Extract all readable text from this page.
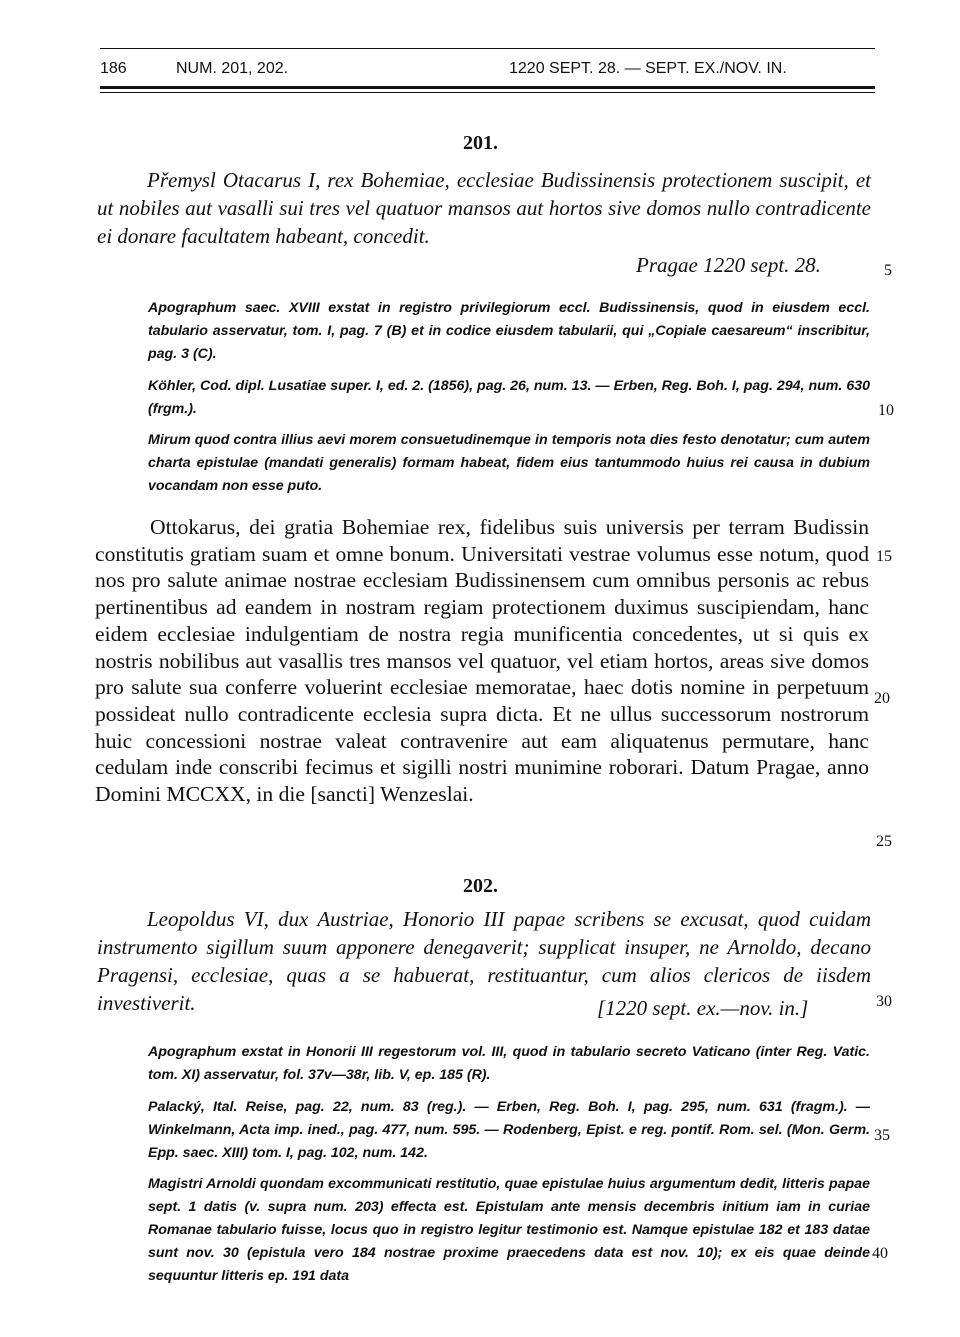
186	NUM. 201, 202.	1220 SEPT. 28. — SEPT. EX./NOV. IN.
201.

Přemysl Otacarus I, rex Bohemiae, ecclesiae Budissinensis protectionem suscipit, et ut nobiles aut vasalli sui tres vel quatuor mansos aut hortos sive domos nullo contradicente ei donare facultatem habeant, concedit.

Pragae 1220 sept. 28.

Apographum saec. XVIII exstat in registro privilegiorum eccl. Budissinensis, quod in eiusdem eccl. tabulario asservatur, tom. I, pag. 7 (B) et in codice eiusdem tabularii, qui „Copiale caesareum“ inscribitur, pag. 3 (C).

Köhler, Cod. dipl. Lusatiae super. I, ed. 2. (1856), pag. 26, num. 13. — Erben, Reg. Boh. I, pag. 294, num. 630 (frgm.).

Mirum quod contra illius aevi morem consuetudinemque in temporis nota dies festo denotatur; cum autem charta epistulae (mandati generalis) formam habeat, fidem eius tantummodo huius rei causa in dubium vocandam non esse puto.

Ottokarus, dei gratia Bohemiae rex, fidelibus suis universis per terram Budissin constitutis gratiam suam et omne bonum. Universitati vestrae volumus esse notum, quod nos pro salute animae nostrae ecclesiam Budissinensem cum omnibus personis ac rebus pertinentibus ad eandem in nostram regiam protectionem duximus suscipiendam, hanc eidem ecclesiae indulgentiam de nostra regia munificentia concedentes, ut si quis ex nostris nobilibus aut vasallis tres mansos vel quatuor, vel etiam hortos, areas sive domos pro salute sua conferre voluerint ecclesiae memoratae, haec dotis nomine in perpetuum possideat nullo contradicente ecclesia supra dicta. Et ne ullus successorum nostrorum huic concessioni nostrae valeat contravenire aut eam aliquatenus permutare, hanc cedulam inde conscribi fecimus et sigilli nostri munimine roborari. Datum Pragae, anno Domini MCCXX, in die [sancti] Wenzeslai.

202.

Leopoldus VI, dux Austriae, Honorio III papae scribens se excusat, quod cuidam instrumento sigillum suum apponere denegaverit; supplicat insuper, ne Arnoldo, decano Pragensi, ecclesiae, quas a se habuerat, restituantur, cum alios clericos de iisdem investiverit.	[1220 sept. ex.—nov. in.]

Apographum exstat in Honorii III regestorum vol. III, quod in tabulario secreto Vaticano (inter Reg. Vatic. tom. XI) asservatur, fol. 37v—38r, lib. V, ep. 185 (R).

Palacký, Ital. Reise, pag. 22, num. 83 (reg.). — Erben, Reg. Boh. I, pag. 295, num. 631 (fragm.). — Winkelmann, Acta imp. ined., pag. 477, num. 595. — Rodenberg, Epist. e reg. pontif. Rom. sel. (Mon. Germ. Epp. saec. XIII) tom. I, pag. 102, num. 142.

Magistri Arnoldi quondam excommunicati restitutio, quae epistulae huius argumentum dedit, litteris papae sept. 1 datis (v. supra num. 203) effecta est. Epistulam ante mensis decembris initium iam in curiae Romanae tabulario fuisse, locus quo in registro legitur testimonio est. Namque epistulae 182 et 183 datae sunt nov. 30 (epistula vero 184 nostrae proxime praecedens data est nov. 10); ex eis quae deinde sequuntur litteris ep. 191 data

5
10
15
20
25
30
35
40
